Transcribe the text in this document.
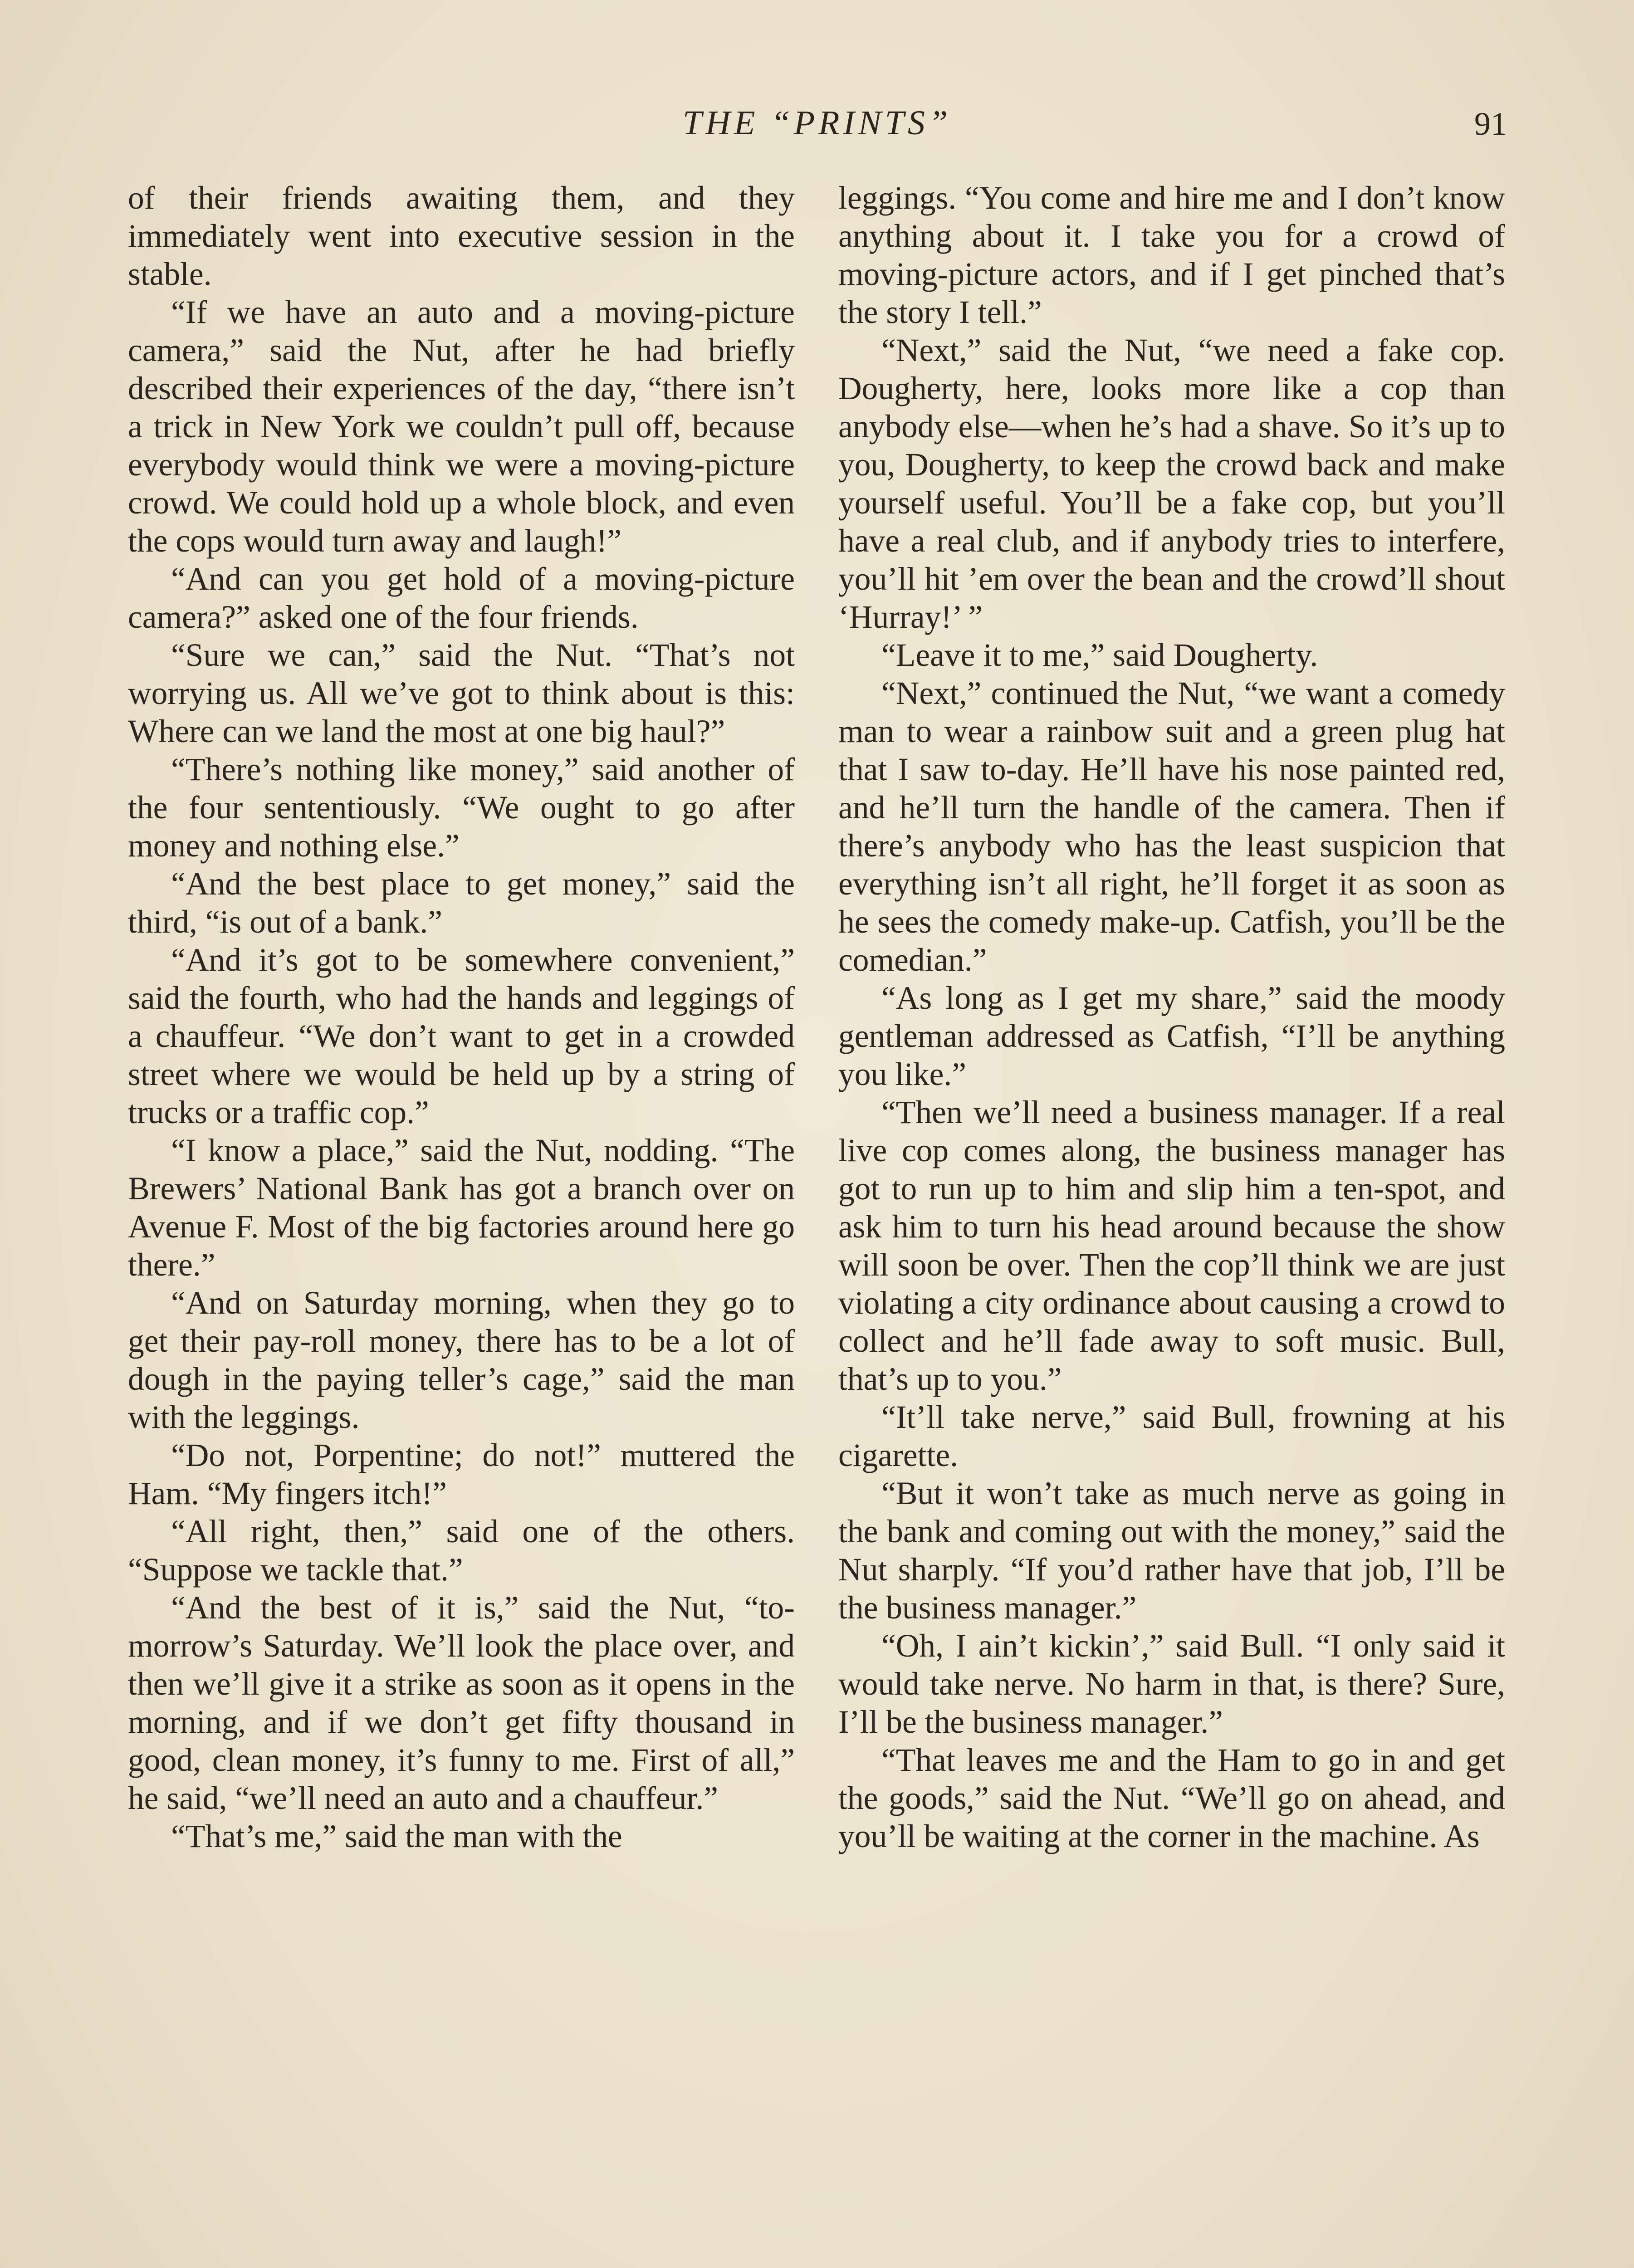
THE “PRINTS”	91

of their friends awaiting them, and they immediately went into executive session in the stable.

“If we have an auto and a moving-picture camera,” said the Nut, after he had briefly described their experiences of the day, “there isn’t a trick in New York we couldn’t pull off, because everybody would think we were a moving-picture crowd. We could hold up a whole block, and even the cops would turn away and laugh!”

“And can you get hold of a moving-picture camera?” asked one of the four friends.

“Sure we can,” said the Nut. “That’s not worrying us. All we’ve got to think about is this: Where can we land the most at one big haul?”

“There’s nothing like money,” said another of the four sententiously. “We ought to go after money and nothing else.”

“And the best place to get money,” said the third, “is out of a bank.”

“And it’s got to be somewhere convenient,” said the fourth, who had the hands and leggings of a chauffeur. “We don’t want to get in a crowded street where we would be held up by a string of trucks or a traffic cop.”

“I know a place,” said the Nut, nodding. “The Brewers’ National Bank has got a branch over on Avenue F. Most of the big factories around here go there.”

“And on Saturday morning, when they go to get their pay-roll money, there has to be a lot of dough in the paying teller’s cage,” said the man with the leggings.

“Do not, Porpentine; do not!” muttered the Ham. “My fingers itch!”

“All right, then,” said one of the others. “Suppose we tackle that.”

“And the best of it is,” said the Nut, “to-morrow’s Saturday. We’ll look the place over, and then we’ll give it a strike as soon as it opens in the morning, and if we don’t get fifty thousand in good, clean money, it’s funny to me. First of all,” he said, “we’ll need an auto and a chauffeur.”

“That’s me,” said the man with the

leggings. “You come and hire me and I don’t know anything about it. I take you for a crowd of moving-picture actors, and if I get pinched that’s the story I tell.”

“Next,” said the Nut, “we need a fake cop. Dougherty, here, looks more like a cop than anybody else—when he’s had a shave. So it’s up to you, Dougherty, to keep the crowd back and make yourself useful. You’ll be a fake cop, but you’ll have a real club, and if anybody tries to interfere, you’ll hit ’em over the bean and the crowd’ll shout ‘Hurray!’ ”

“Leave it to me,” said Dougherty.

“Next,” continued the Nut, “we want a comedy man to wear a rainbow suit and a green plug hat that I saw to-day. He’ll have his nose painted red, and he’ll turn the handle of the camera. Then if there’s anybody who has the least suspicion that everything isn’t all right, he’ll forget it as soon as he sees the comedy make-up. Catfish, you’ll be the comedian.”

“As long as I get my share,” said the moody gentleman addressed as Catfish, “I’ll be anything you like.”

“Then we’ll need a business manager. If a real live cop comes along, the business manager has got to run up to him and slip him a ten-spot, and ask him to turn his head around because the show will soon be over. Then the cop’ll think we are just violating a city ordinance about causing a crowd to collect and he’ll fade away to soft music. Bull, that’s up to you.”

“It’ll take nerve,” said Bull, frowning at his cigarette.

“But it won’t take as much nerve as going in the bank and coming out with the money,” said the Nut sharply. “If you’d rather have that job, I’ll be the business manager.”

“Oh, I ain’t kickin’,” said Bull. “I only said it would take nerve. No harm in that, is there? Sure, I’ll be the business manager.”

“That leaves me and the Ham to go in and get the goods,” said the Nut. “We’ll go on ahead, and you’ll be waiting at the corner in the machine. As
